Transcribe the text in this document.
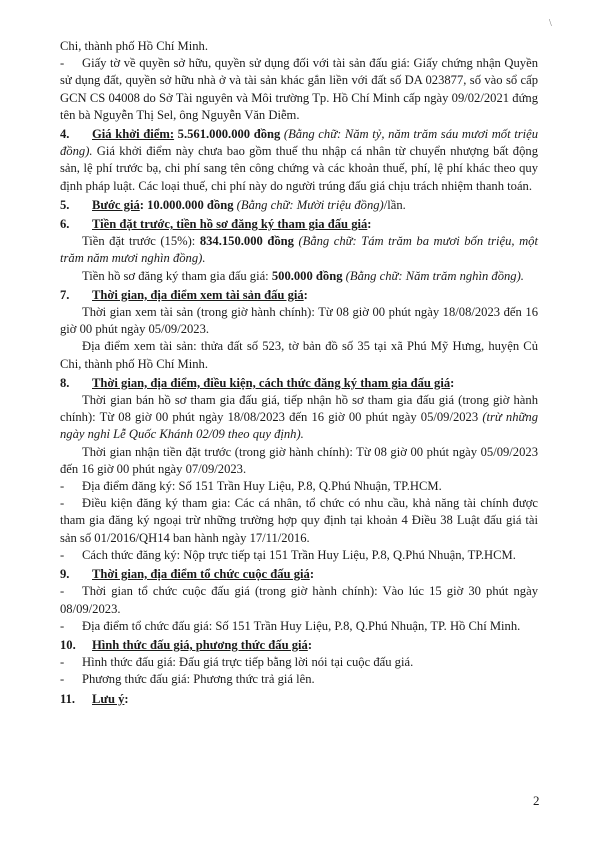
\

Chi, thành phố Hồ Chí Minh.

- Giấy tờ về quyền sở hữu, quyền sử dụng đối với tài sản đấu giá: Giấy chứng nhận Quyền sử dụng đất, quyền sở hữu nhà ở và tài sản khác gắn liền với đất số DA 023877, số vào sổ cấp GCN CS 04008 do Sở Tài nguyên và Môi trường Tp. Hồ Chí Minh cấp ngày 09/02/2021 đứng tên bà Nguyễn Thị Sel, ông Nguyễn Văn Diễm.

4. Giá khởi điểm: 5.561.000.000 đồng (Bằng chữ: Năm tỷ, năm trăm sáu mươi mốt triệu đồng). Giá khởi điểm này chưa bao gồm thuế thu nhập cá nhân từ chuyển nhượng bất động sản, lệ phí trước bạ, chi phí sang tên công chứng và các khoản thuế, phí, lệ phí khác theo quy định pháp luật. Các loại thuế, chi phí này do người trúng đấu giá chịu trách nhiệm thanh toán.

5. Bước giá: 10.000.000 đồng (Bằng chữ: Mười triệu đồng)/lần.

6. Tiền đặt trước, tiền hồ sơ đăng ký tham gia đấu giá:

Tiền đặt trước (15%): 834.150.000 đồng (Bằng chữ: Tám trăm ba mươi bốn triệu, một trăm năm mươi nghìn đồng).

Tiền hồ sơ đăng ký tham gia đấu giá: 500.000 đồng (Bằng chữ: Năm trăm nghìn đồng).

7. Thời gian, địa điểm xem tài sản đấu giá:

Thời gian xem tài sản (trong giờ hành chính): Từ 08 giờ 00 phút ngày 18/08/2023 đến 16 giờ 00 phút ngày 05/09/2023.

Địa điểm xem tài sản: thửa đất số 523, tờ bản đồ số 35 tại xã Phú Mỹ Hưng, huyện Củ Chi, thành phố Hồ Chí Minh.

8. Thời gian, địa điểm, điều kiện, cách thức đăng ký tham gia đấu giá:

Thời gian bán hồ sơ tham gia đấu giá, tiếp nhận hồ sơ tham gia đấu giá (trong giờ hành chính): Từ 08 giờ 00 phút ngày 18/08/2023 đến 16 giờ 00 phút ngày 05/09/2023 (trừ những ngày nghỉ Lễ Quốc Khánh 02/09 theo quy định).

Thời gian nhận tiền đặt trước (trong giờ hành chính): Từ 08 giờ 00 phút ngày 05/09/2023 đến 16 giờ 00 phút ngày 07/09/2023.

- Địa điểm đăng ký: Số 151 Trần Huy Liệu, P.8, Q.Phú Nhuận, TP.HCM.

- Điều kiện đăng ký tham gia: Các cá nhân, tổ chức có nhu cầu, khả năng tài chính được tham gia đăng ký ngoại trừ những trường hợp quy định tại khoản 4 Điều 38 Luật đấu giá tài sản số 01/2016/QH14 ban hành ngày 17/11/2016.

- Cách thức đăng ký: Nộp trực tiếp tại 151 Trần Huy Liệu, P.8, Q.Phú Nhuận, TP.HCM.

9. Thời gian, địa điểm tổ chức cuộc đấu giá:

- Thời gian tổ chức cuộc đấu giá (trong giờ hành chính): Vào lúc 15 giờ 30 phút ngày 08/09/2023.

- Địa điểm tổ chức đấu giá: Số 151 Trần Huy Liệu, P.8, Q.Phú Nhuận, TP. Hồ Chí Minh.

10. Hình thức đấu giá, phương thức đấu giá:

- Hình thức đấu giá: Đấu giá trực tiếp bằng lời nói tại cuộc đấu giá.

- Phương thức đấu giá: Phương thức trả giá lên.

11. Lưu ý:

2
